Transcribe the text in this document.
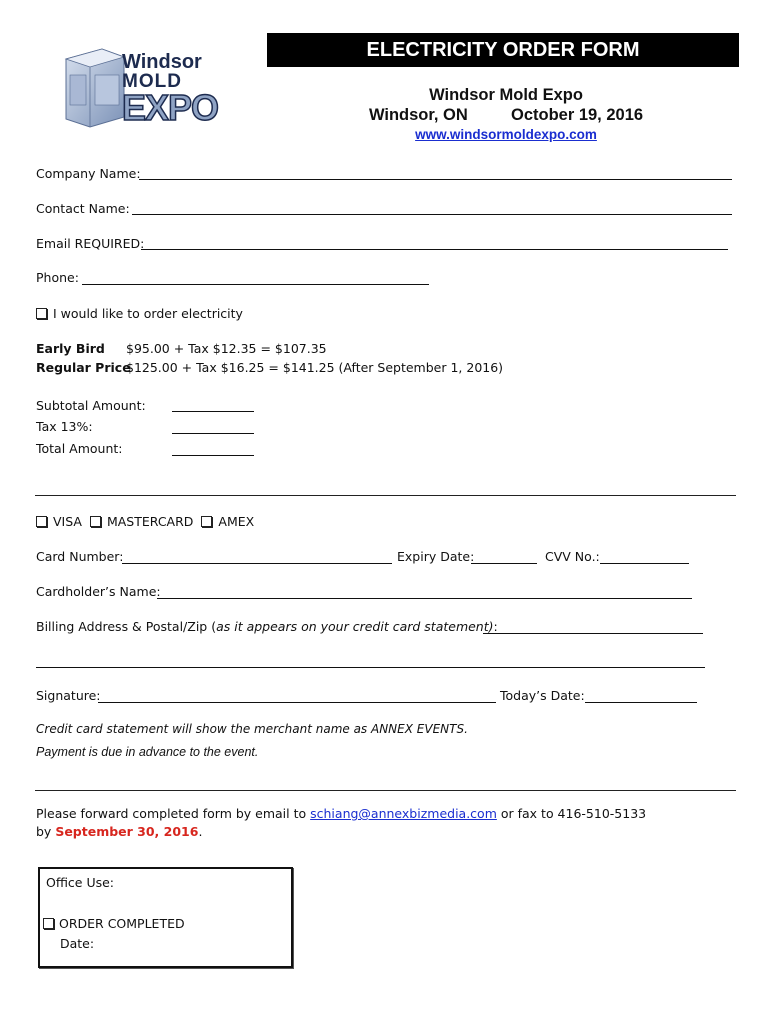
Windsor
MOLD
EXPO
ELECTRICITY ORDER FORM
Windsor Mold Expo
Windsor, ON	October 19, 2016
www.windsormoldexpo.com
Company Name:
Contact Name:
Email REQUIRED:
Phone:
I would like to order electricity
Early Bird $95.00 + Tax $12.35 = $107.35
Regular Price$125.00 + Tax $16.25 = $141.25 (After September 1, 2016)
Subtotal Amount:
Tax 13%:
Total Amount:
VISA MASTERCARD AMEX
Card Number:	Expiry Date:	CVV No.:
Cardholder’s Name:
Billing Address & Postal/Zip (as it appears on your credit card statement):
Signature:	Today’s Date:
Credit card statement will show the merchant name as ANNEX EVENTS.
Payment is due in advance to the event.
Please forward completed form by email to schiang@annexbizmedia.com or fax to 416-510-5133
by September 30, 2016.
Office Use:
ORDER COMPLETED
Date:
